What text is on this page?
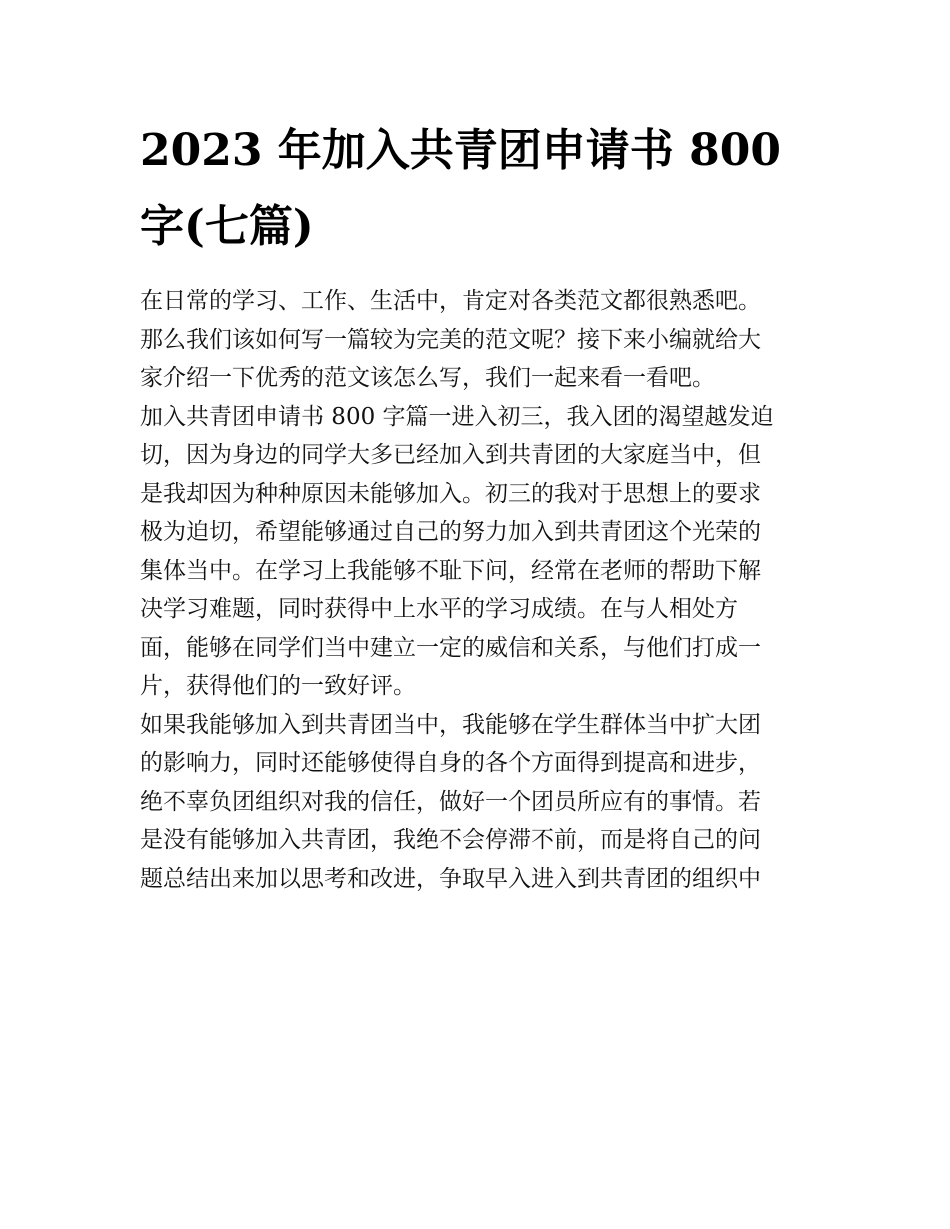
2023 年加入共青团申请书 800
字(七篇)

在日常的学习、工作、生活中，肯定对各类范文都很熟悉吧。
那么我们该如何写一篇较为完美的范文呢？接下来小编就给大
家介绍一下优秀的范文该怎么写，我们一起来看一看吧。

加入共青团申请书 800 字篇一进入初三，我入团的渴望越发迫
切，因为身边的同学大多已经加入到共青团的大家庭当中，但
是我却因为种种原因未能够加入。初三的我对于思想上的要求
极为迫切，希望能够通过自己的努力加入到共青团这个光荣的
集体当中。在学习上我能够不耻下问，经常在老师的帮助下解
决学习难题，同时获得中上水平的学习成绩。在与人相处方
面，能够在同学们当中建立一定的威信和关系，与他们打成一
片，获得他们的一致好评。

如果我能够加入到共青团当中，我能够在学生群体当中扩大团
的影响力，同时还能够使得自身的各个方面得到提高和进步，
绝不辜负团组织对我的信任，做好一个团员所应有的事情。若
是没有能够加入共青团，我绝不会停滞不前，而是将自己的问
题总结出来加以思考和改进，争取早入进入到共青团的组织中
